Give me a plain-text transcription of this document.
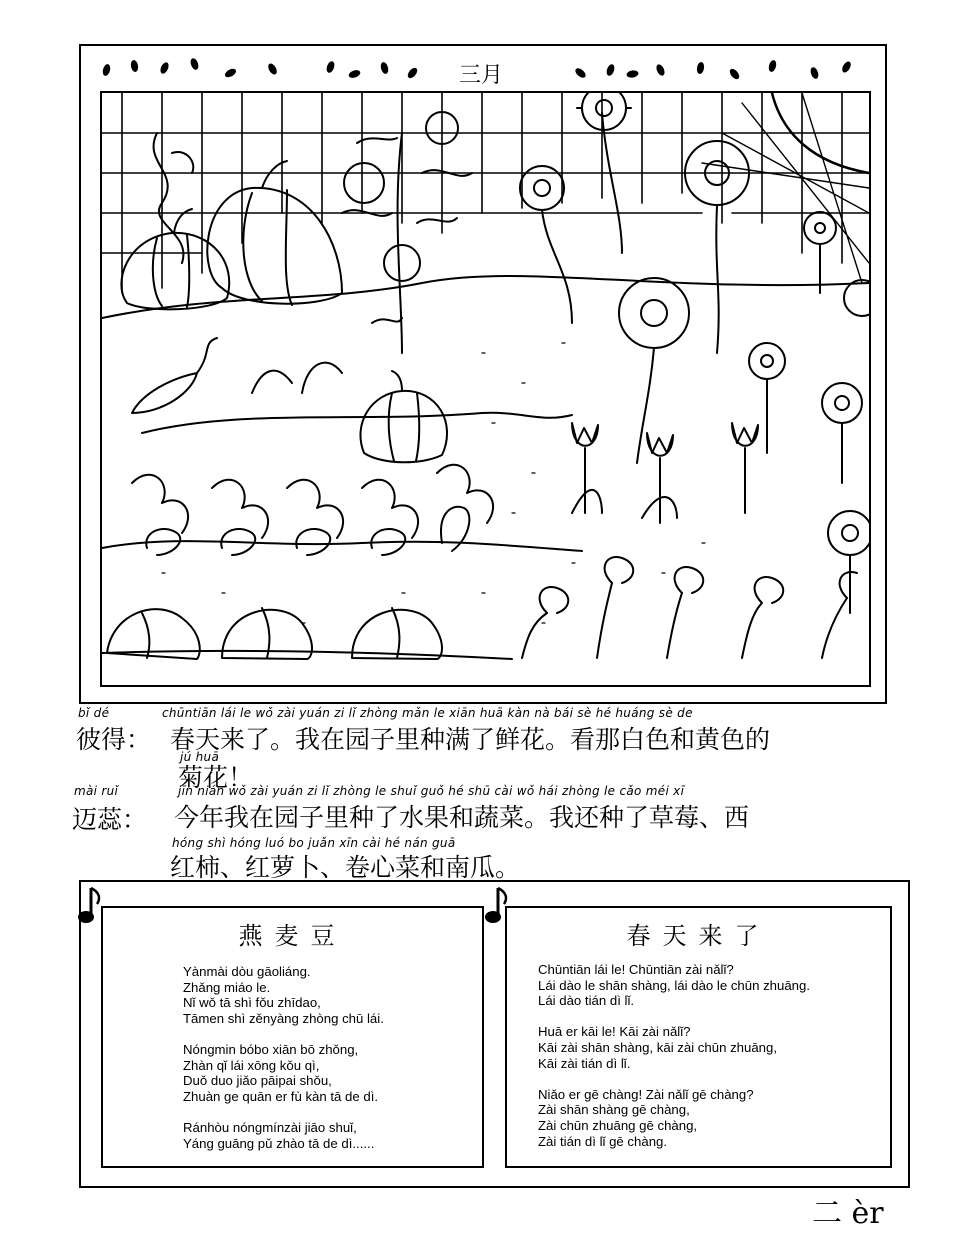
三月
bǐ dé
彼得：
chūntiān lái le wǒ zài yuán zi lǐ zhòng mǎn le xiān huā kàn nà bái sè hé huáng sè de
春天来了。我在园子里种满了鲜花。看那白色和黄色的
jú huā
菊花！
mài ruǐ
迈蕊：
jīn nián wǒ zài yuán zi lǐ zhòng le shuǐ guǒ hé shū cài wǒ hái zhòng le cǎo méi xī
今年我在园子里种了水果和蔬菜。我还种了草莓、西
hóng shì hóng luó bo juǎn xīn cài hé nán guā
红柿、红萝卜、卷心菜和南瓜。
燕麦豆
Yànmài dòu gāoliáng.
Zhǎng miáo le.
Nǐ wǒ tā shì fǒu zhīdao,
Tāmen shì zěnyàng zhòng chū lái.
Nóngmin bóbo xiān bō zhǒng,
Zhàn qǐ lái xōng kǒu qì,
Duǒ duo jiǎo pāipai shǒu,
Zhuàn ge quān er fù kàn tā de dì.
Ránhòu nóngmínzài jiāo shuǐ,
Yáng guāng pǔ zhào tā de dì......
春天来了
Chūntiān lái le! Chūntiān zài nǎlǐ?
Lái dào le shān shàng, lái dào le chūn zhuāng.
Lái dào tián dì lǐ.
Huā er kāi le! Kāi zài nǎlǐ?
Kāi zài shān shàng, kāi zài chūn zhuāng,
Kāi zài tián dì lǐ.
Niǎo er gē chàng! Zài nǎlǐ gē chàng?
Zài shān shàng gē chàng,
Zài chūn zhuāng gē chàng,
Zài tián dì lǐ gē chàng.
二 èr
